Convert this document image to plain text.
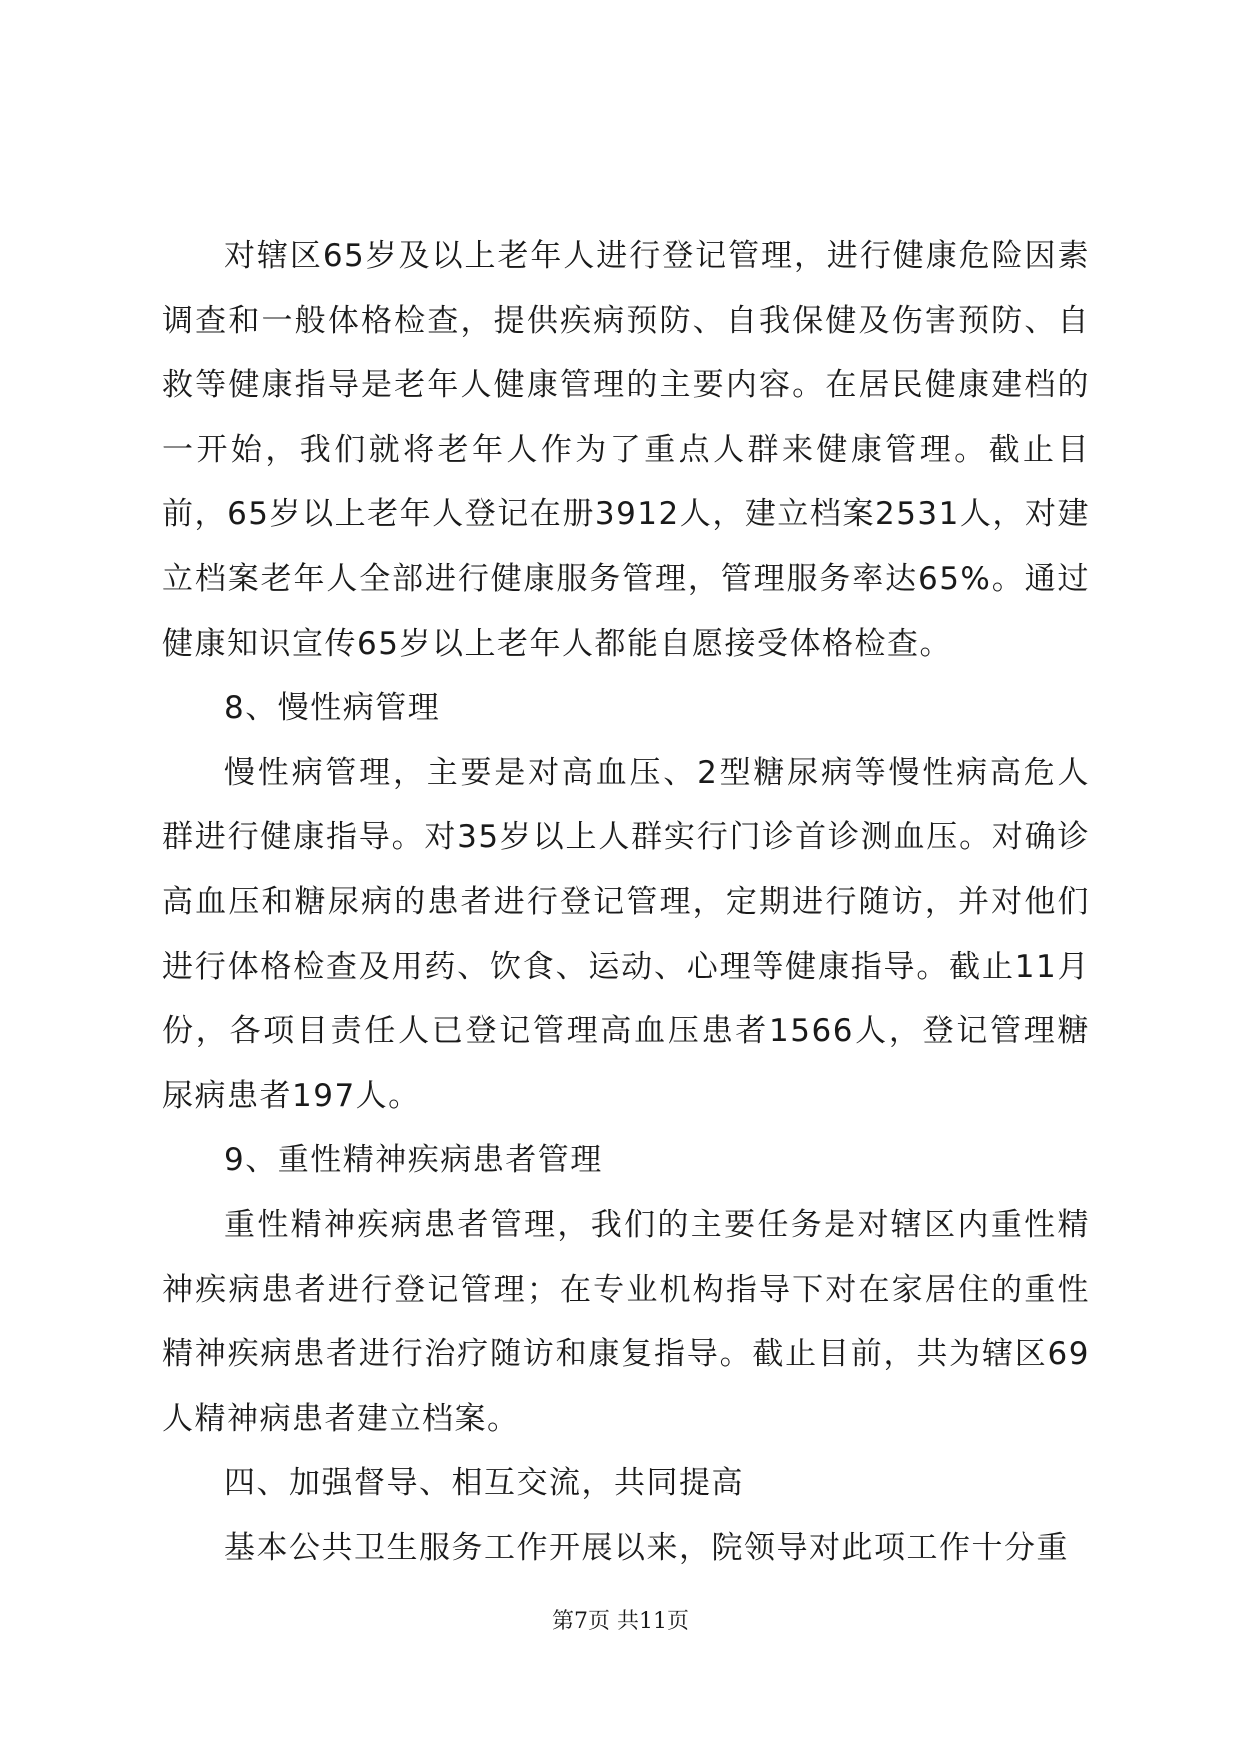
对辖区65岁及以上老年人进行登记管理，进行健康危险因素调查和一般体格检查，提供疾病预防、自我保健及伤害预防、自救等健康指导是老年人健康管理的主要内容。在居民健康建档的一开始，我们就将老年人作为了重点人群来健康管理。截止目前，65岁以上老年人登记在册3912人，建立档案2531人，对建立档案老年人全部进行健康服务管理，管理服务率达65%。通过健康知识宣传65岁以上老年人都能自愿接受体格检查。

8、慢性病管理

慢性病管理，主要是对高血压、2型糖尿病等慢性病高危人群进行健康指导。对35岁以上人群实行门诊首诊测血压。对确诊高血压和糖尿病的患者进行登记管理，定期进行随访，并对他们进行体格检查及用药、饮食、运动、心理等健康指导。截止11月份，各项目责任人已登记管理高血压患者1566人，登记管理糖尿病患者197人。

9、重性精神疾病患者管理

重性精神疾病患者管理，我们的主要任务是对辖区内重性精神疾病患者进行登记管理；在专业机构指导下对在家居住的重性精神疾病患者进行治疗随访和康复指导。截止目前，共为辖区69人精神病患者建立档案。

四、加强督导、相互交流，共同提高

基本公共卫生服务工作开展以来，院领导对此项工作十分重

第7页 共11页
